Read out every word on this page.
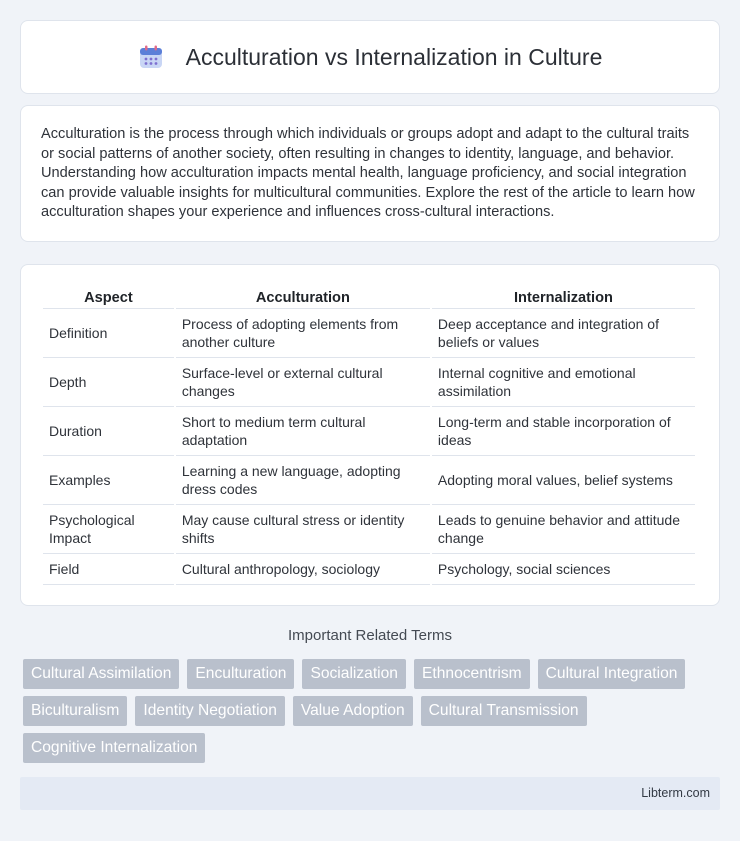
Acculturation vs Internalization in Culture

Acculturation is the process through which individuals or groups adopt and adapt to the cultural traits or social patterns of another society, often resulting in changes to identity, language, and behavior. Understanding how acculturation impacts mental health, language proficiency, and social integration can provide valuable insights for multicultural communities. Explore the rest of the article to learn how acculturation shapes your experience and influences cross-cultural interactions.

Aspect	Acculturation	Internalization
Definition	Process of adopting elements from another culture	Deep acceptance and integration of beliefs or values
Depth	Surface-level or external cultural changes	Internal cognitive and emotional assimilation
Duration	Short to medium term cultural adaptation	Long-term and stable incorporation of ideas
Examples	Learning a new language, adopting dress codes	Adopting moral values, belief systems
Psychological Impact	May cause cultural stress or identity shifts	Leads to genuine behavior and attitude change
Field	Cultural anthropology, sociology	Psychology, social sciences
Important Related Terms
Cultural Assimilation	Enculturation	Socialization	Ethnocentrism	Cultural Integration
Biculturalism	Identity Negotiation	Value Adoption	Cultural Transmission
Cognitive Internalization
Libterm.com
